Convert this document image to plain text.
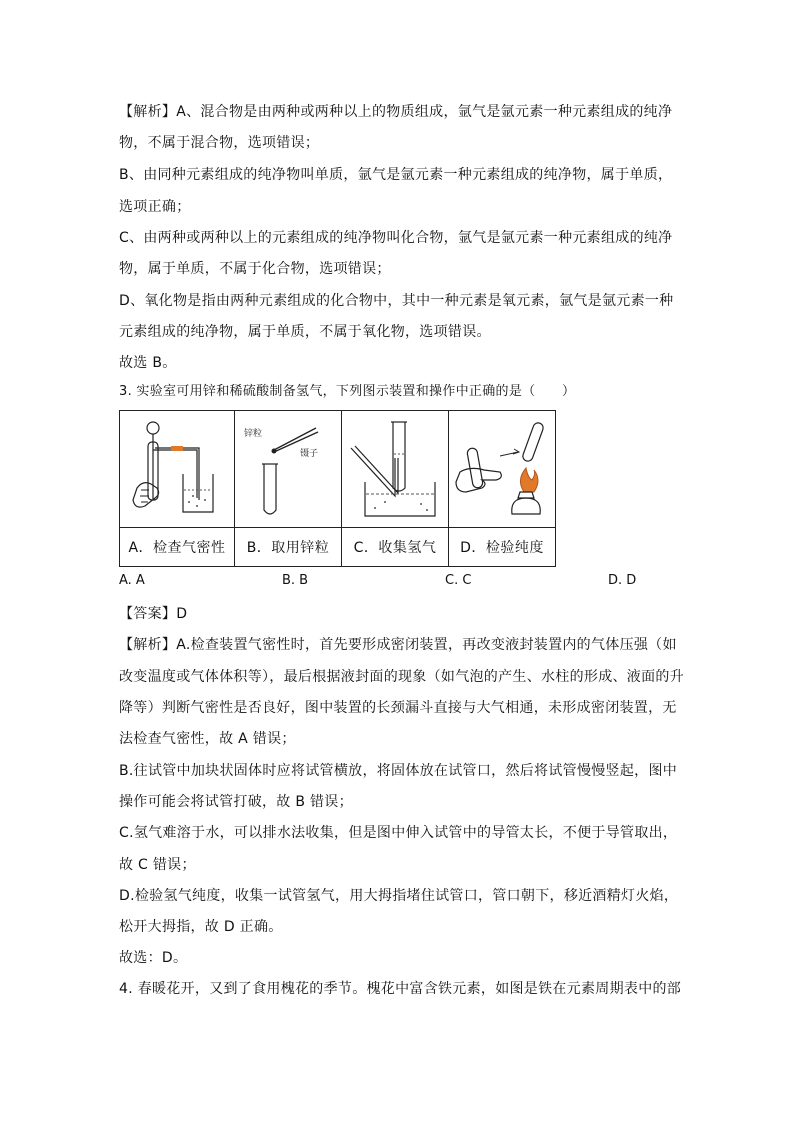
【解析】A、混合物是由两种或两种以上的物质组成，氩气是氩元素一种元素组成的纯净
物，不属于混合物，选项错误；
B、由同种元素组成的纯净物叫单质，氩气是氩元素一种元素组成的纯净物，属于单质，
选项正确；
C、由两种或两种以上的元素组成的纯净物叫化合物，氩气是氩元素一种元素组成的纯净
物，属于单质，不属于化合物，选项错误；
D、氧化物是指由两种元素组成的化合物中，其中一种元素是氧元素，氩气是氩元素一种
元素组成的纯净物，属于单质，不属于氧化物，选项错误。
故选 B。
3. 实验室可用锌和稀硫酸制备氢气，下列图示装置和操作中正确的是（　　）

锌粒
镊子

A．检查气密性	B．取用锌粒	C．收集氢气	D．检验纯度
A. A	B. B	C. C	D. D
【答案】D
【解析】A.检查装置气密性时，首先要形成密闭装置，再改变液封装置内的气体压强（如
改变温度或气体体积等），最后根据液封面的现象（如气泡的产生、水柱的形成、液面的升
降等）判断气密性是否良好，图中装置的长颈漏斗直接与大气相通，未形成密闭装置，无
法检查气密性，故 A 错误；
B.往试管中加块状固体时应将试管横放，将固体放在试管口，然后将试管慢慢竖起，图中
操作可能会将试管打破，故 B 错误；
C.氢气难溶于水，可以排水法收集，但是图中伸入试管中的导管太长，不便于导管取出，
故 C 错误；
D.检验氢气纯度，收集一试管氢气，用大拇指堵住试管口，管口朝下，移近酒精灯火焰，
松开大拇指，故 D 正确。
故选：D。
4. 春暖花开，又到了食用槐花的季节。槐花中富含铁元素，如图是铁在元素周期表中的部
